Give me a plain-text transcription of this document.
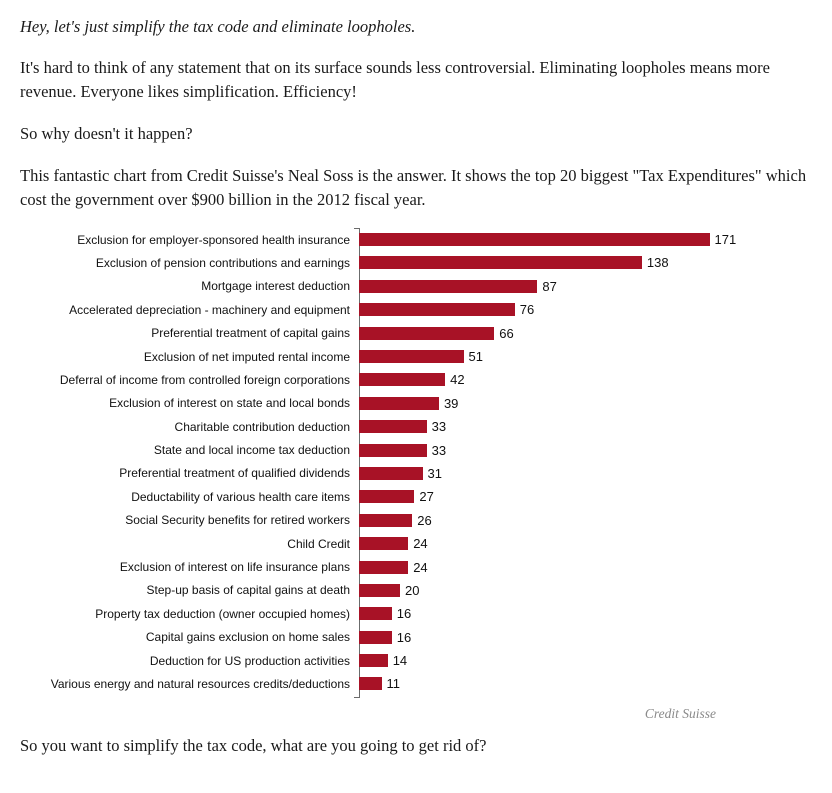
Hey, let's just simplify the tax code and eliminate loopholes.

It's hard to think of any statement that on its surface sounds less controversial. Eliminating loopholes means more revenue. Everyone likes simplification. Efficiency!

So why doesn't it happen?

This fantastic chart from Credit Suisse's Neal Soss is the answer. It shows the top 20 biggest "Tax Expenditures" which cost the government over $900 billion in the 2012 fiscal year.

Exclusion for employer-sponsored health insurance	171
Exclusion of pension contributions and earnings	138
Mortgage interest deduction	87
Accelerated depreciation - machinery and equipment	76
Preferential treatment of capital gains	66
Exclusion of net imputed rental income	51
Deferral of income from controlled foreign corporations	42
Exclusion of interest on state and local bonds	39
Charitable contribution deduction	33
State and local income tax deduction	33
Preferential treatment of qualified dividends	31
Deductability of various health care items	27
Social Security benefits for retired workers	26
Child Credit	24
Exclusion of interest on life insurance plans	24
Step-up basis of capital gains at death	20
Property tax deduction (owner occupied homes)	16
Capital gains exclusion on home sales	16
Deduction for US production activities	14
Various energy and natural resources credits/deductions	11
Credit Suisse

So you want to simplify the tax code, what are you going to get rid of?
